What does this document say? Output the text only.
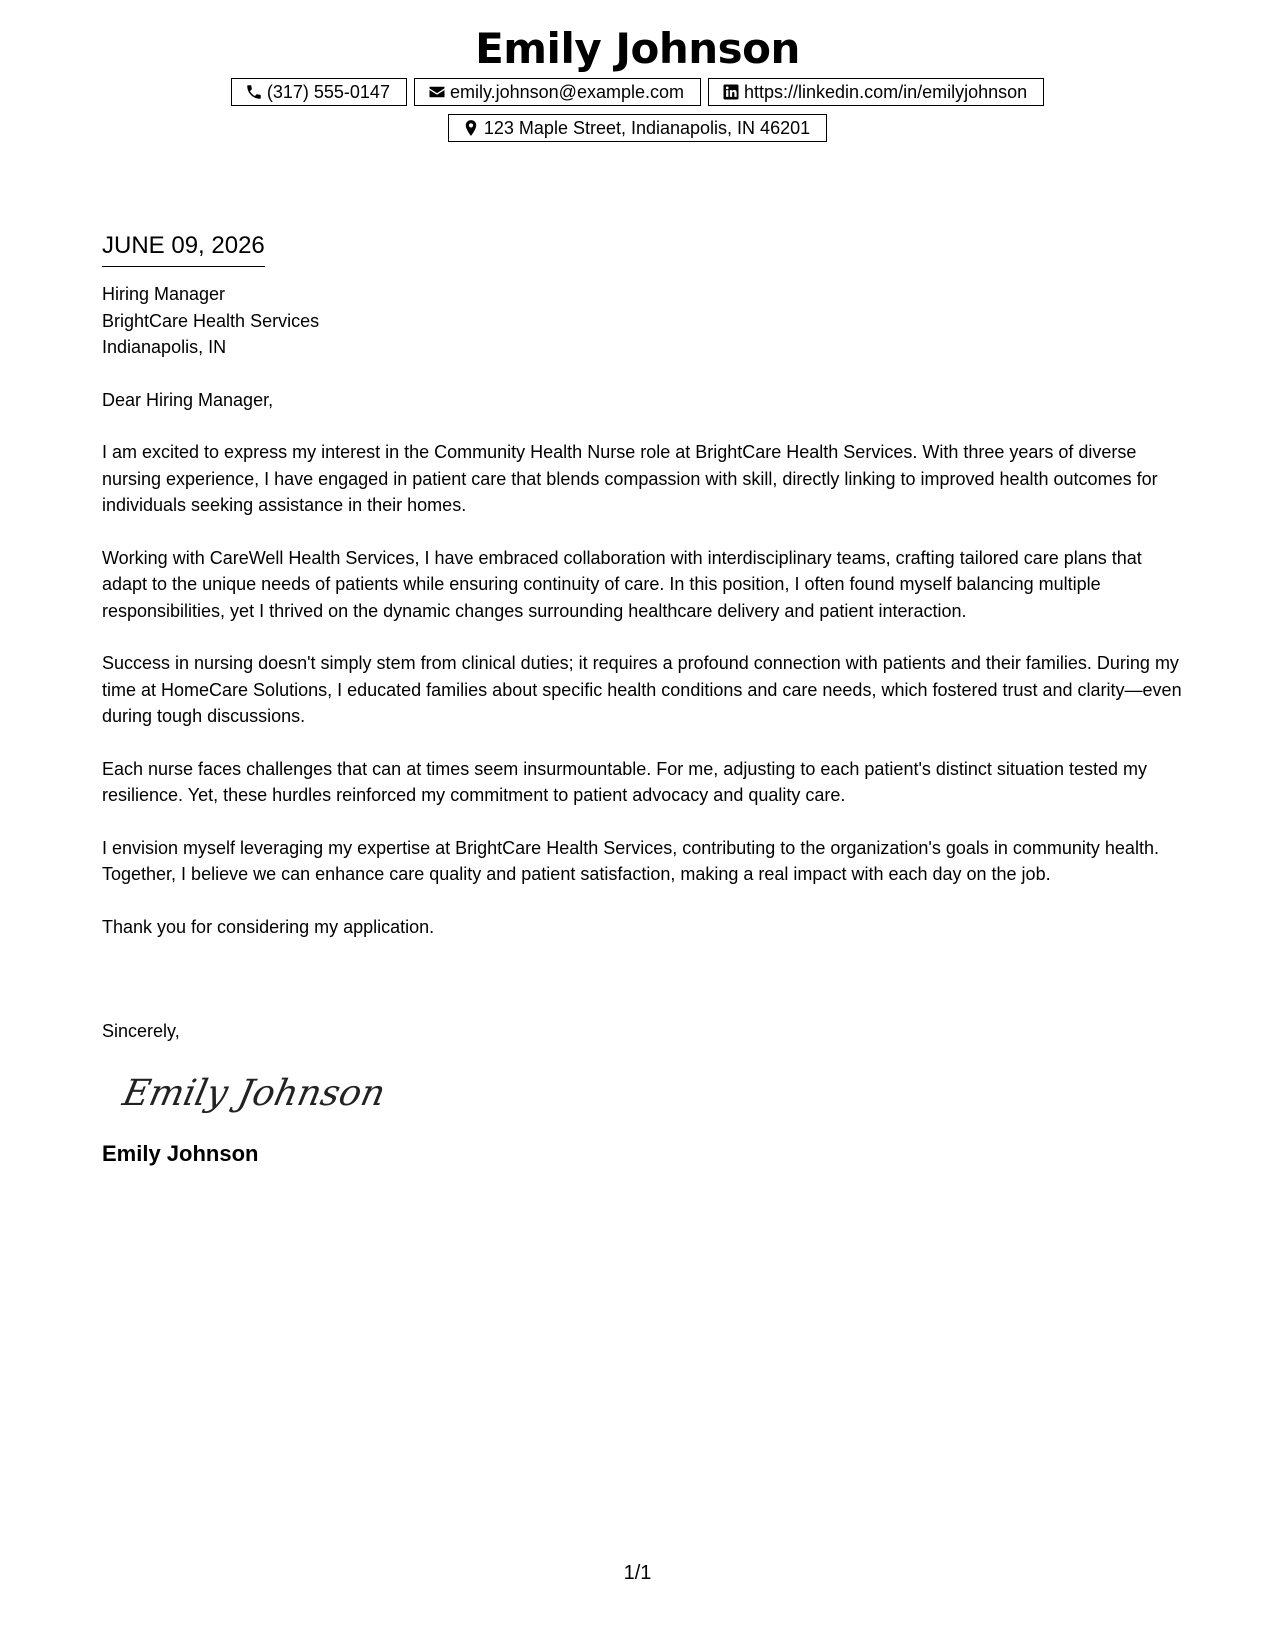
Emily Johnson
(317) 555-0147	emily.johnson@example.com	https://linkedin.com/in/emilyjohnson
123 Maple Street, Indianapolis, IN 46201
JUNE 09, 2026
Hiring Manager
BrightCare Health Services
Indianapolis, IN

Dear Hiring Manager,

I am excited to express my interest in the Community Health Nurse role at BrightCare Health Services. With three years of diverse nursing experience, I have engaged in patient care that blends compassion with skill, directly linking to improved health outcomes for individuals seeking assistance in their homes.

Working with CareWell Health Services, I have embraced collaboration with interdisciplinary teams, crafting tailored care plans that adapt to the unique needs of patients while ensuring continuity of care. In this position, I often found myself balancing multiple responsibilities, yet I thrived on the dynamic changes surrounding healthcare delivery and patient interaction.

Success in nursing doesn't simply stem from clinical duties; it requires a profound connection with patients and their families. During my time at HomeCare Solutions, I educated families about specific health conditions and care needs, which fostered trust and clarity—even during tough discussions.

Each nurse faces challenges that can at times seem insurmountable. For me, adjusting to each patient's distinct situation tested my resilience. Yet, these hurdles reinforced my commitment to patient advocacy and quality care.

I envision myself leveraging my expertise at BrightCare Health Services, contributing to the organization's goals in community health. Together, I believe we can enhance care quality and patient satisfaction, making a real impact with each day on the job.

Thank you for considering my application.

Sincerely,
Emily Johnson
Emily Johnson
1/1
